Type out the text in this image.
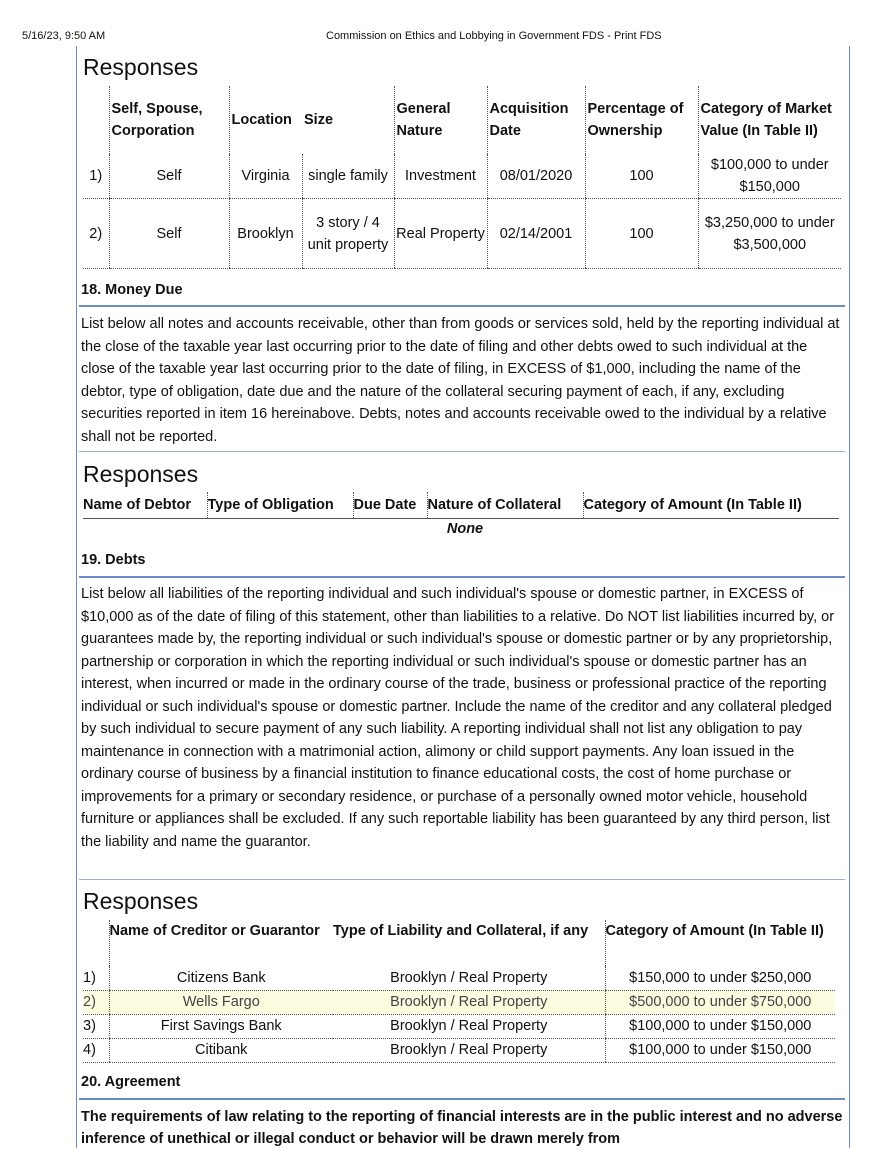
5/16/23, 9:50 AM	Commission on Ethics and Lobbying in Government FDS - Print FDS
Responses
	Self, Spouse, Corporation	Location	Size	General Nature	Acquisition Date	Percentage of Ownership	Category of Market Value (In Table II)
1)	Self	Virginia	single family	Investment	08/01/2020	100	$100,000 to under $150,000
2)	Self	Brooklyn	3 story / 4 unit property	Real Property	02/14/2001	100	$3,250,000 to under $3,500,000
18. Money Due
List below all notes and accounts receivable, other than from goods or services sold, held by the reporting individual at the close of the taxable year last occurring prior to the date of filing and other debts owed to such individual at the close of the taxable year last occurring prior to the date of filing, in EXCESS of $1,000, including the name of the debtor, type of obligation, date due and the nature of the collateral securing payment of each, if any, excluding securities reported in item 16 hereinabove. Debts, notes and accounts receivable owed to the individual by a relative shall not be reported.
Responses
Name of Debtor	Type of Obligation	Due Date	Nature of Collateral	Category of Amount (In Table II)
None
19. Debts
List below all liabilities of the reporting individual and such individual's spouse or domestic partner, in EXCESS of $10,000 as of the date of filing of this statement, other than liabilities to a relative. Do NOT list liabilities incurred by, or guarantees made by, the reporting individual or such individual's spouse or domestic partner or by any proprietorship, partnership or corporation in which the reporting individual or such individual's spouse or domestic partner has an interest, when incurred or made in the ordinary course of the trade, business or professional practice of the reporting individual or such individual's spouse or domestic partner. Include the name of the creditor and any collateral pledged by such individual to secure payment of any such liability. A reporting individual shall not list any obligation to pay maintenance in connection with a matrimonial action, alimony or child support payments. Any loan issued in the ordinary course of business by a financial institution to finance educational costs, the cost of home purchase or improvements for a primary or secondary residence, or purchase of a personally owned motor vehicle, household furniture or appliances shall be excluded. If any such reportable liability has been guaranteed by any third person, list the liability and name the guarantor.
Responses
	Name of Creditor or Guarantor	Type of Liability and Collateral, if any	Category of Amount (In Table II)
1)	Citizens Bank	Brooklyn / Real Property	$150,000 to under $250,000
2)	Wells Fargo	Brooklyn / Real Property	$500,000 to under $750,000
3)	First Savings Bank	Brooklyn / Real Property	$100,000 to under $150,000
4)	Citibank	Brooklyn / Real Property	$100,000 to under $150,000
20. Agreement
The requirements of law relating to the reporting of financial interests are in the public interest and no adverse inference of unethical or illegal conduct or behavior will be drawn merely from
